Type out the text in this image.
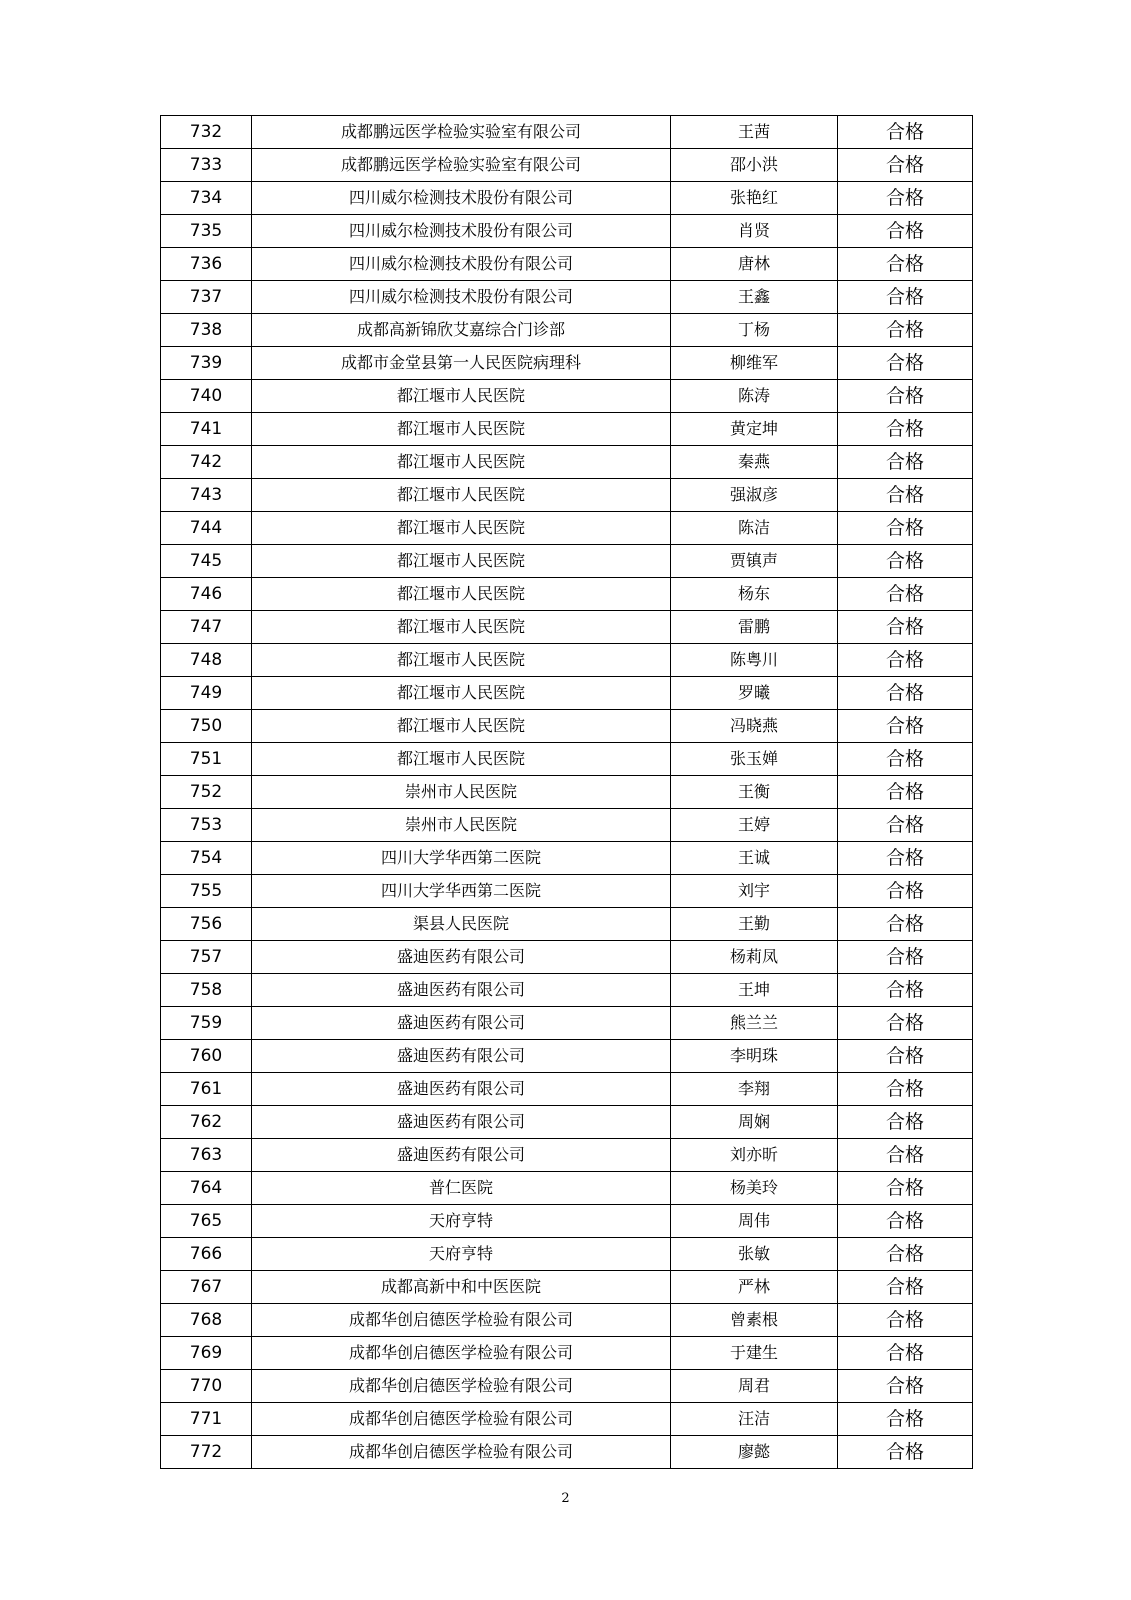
732	成都鹏远医学检验实验室有限公司	王茜	合格
733	成都鹏远医学检验实验室有限公司	邵小洪	合格
734	四川威尔检测技术股份有限公司	张艳红	合格
735	四川威尔检测技术股份有限公司	肖贤	合格
736	四川威尔检测技术股份有限公司	唐林	合格
737	四川威尔检测技术股份有限公司	王鑫	合格
738	成都高新锦欣艾嘉综合门诊部	丁杨	合格
739	成都市金堂县第一人民医院病理科	柳维军	合格
740	都江堰市人民医院	陈涛	合格
741	都江堰市人民医院	黄定坤	合格
742	都江堰市人民医院	秦燕	合格
743	都江堰市人民医院	强淑彦	合格
744	都江堰市人民医院	陈洁	合格
745	都江堰市人民医院	贾镇声	合格
746	都江堰市人民医院	杨东	合格
747	都江堰市人民医院	雷鹏	合格
748	都江堰市人民医院	陈粤川	合格
749	都江堰市人民医院	罗曦	合格
750	都江堰市人民医院	冯晓燕	合格
751	都江堰市人民医院	张玉婵	合格
752	崇州市人民医院	王衡	合格
753	崇州市人民医院	王婷	合格
754	四川大学华西第二医院	王诚	合格
755	四川大学华西第二医院	刘宇	合格
756	渠县人民医院	王勤	合格
757	盛迪医药有限公司	杨莉凤	合格
758	盛迪医药有限公司	王坤	合格
759	盛迪医药有限公司	熊兰兰	合格
760	盛迪医药有限公司	李明珠	合格
761	盛迪医药有限公司	李翔	合格
762	盛迪医药有限公司	周娴	合格
763	盛迪医药有限公司	刘亦昕	合格
764	普仁医院	杨美玲	合格
765	天府亨特	周伟	合格
766	天府亨特	张敏	合格
767	成都高新中和中医医院	严林	合格
768	成都华创启德医学检验有限公司	曾素根	合格
769	成都华创启德医学检验有限公司	于建生	合格
770	成都华创启德医学检验有限公司	周君	合格
771	成都华创启德医学检验有限公司	汪洁	合格
772	成都华创启德医学检验有限公司	廖懿	合格
2
